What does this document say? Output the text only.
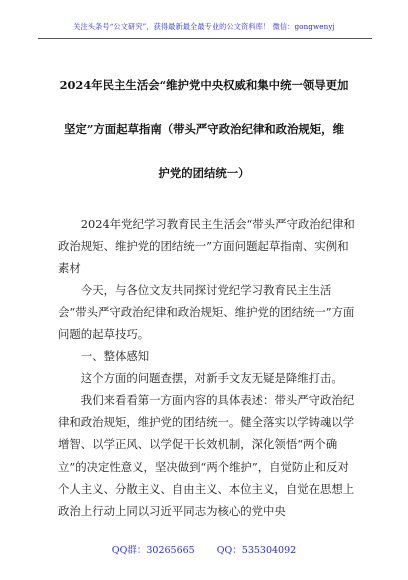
关注头条号“公文研究”，获得最新最全最专业的公文资料库！ 微信：gongwenyj
2024年民主生活会“维护党中央权威和集中统一领导更加
坚定”方面起草指南（带头严守政治纪律和政治规矩，维
护党的团结统一）

2024年党纪学习教育民主生活会“带头严守政治纪律和政治规矩、维护党的团结统一”方面问题起草指南、实例和素材

今天，与各位文友共同探讨党纪学习教育民主生活会“带头严守政治纪律和政治规矩、维护党的团结统一”方面问题的起草技巧。

一、整体感知

这个方面的问题查摆，对新手文友无疑是降维打击。

我们来看看第一方面内容的具体表述：带头严守政治纪律和政治规矩，维护党的团结统一。健全落实以学铸魂以学增智、以学正风、以学促干长效机制，深化领悟“两个确立”的决定性意义，坚决做到“两个维护”，自觉防止和反对个人主义、分散主义、自由主义、本位主义，自觉在思想上政治上行动上同以习近平同志为核心的党中央

QQ群：30265665 QQ：535304092
